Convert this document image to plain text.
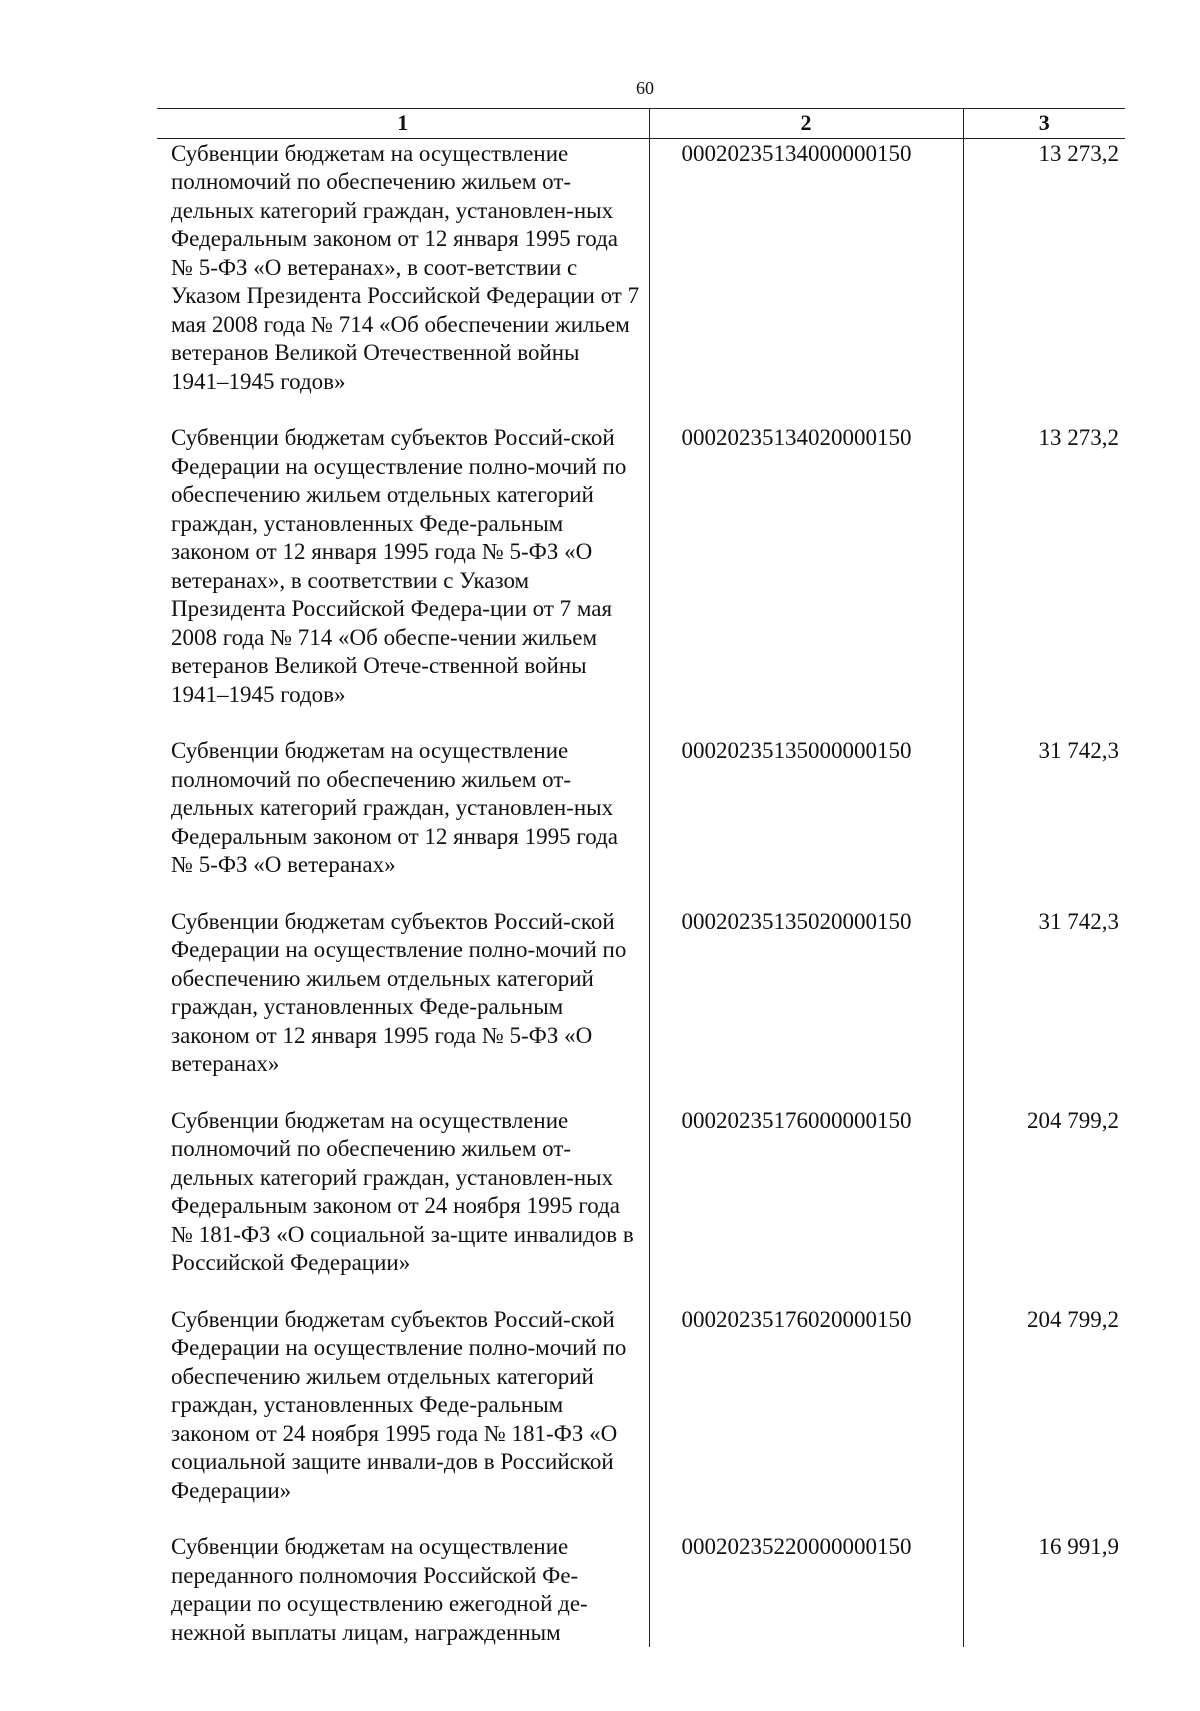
60
1	2	3
Субвенции бюджетам на осуществление полномочий по обеспечению жильем от-дельных категорий граждан, установлен-ных Федеральным законом от 12 января 1995 года № 5-ФЗ «О ветеранах», в соот-ветствии с Указом Президента Российской Федерации от 7 мая 2008 года № 714 «Об обеспечении жильем ветеранов Великой Отечественной войны 1941–1945 годов»	00020235134000000150	13 273,2
Субвенции бюджетам субъектов Россий-ской Федерации на осуществление полно-мочий по обеспечению жильем отдельных категорий граждан, установленных Феде-ральным законом от 12 января 1995 года № 5-ФЗ «О ветеранах», в соответствии с Указом Президента Российской Федера-ции от 7 мая 2008 года № 714 «Об обеспе-чении жильем ветеранов Великой Отече-ственной войны 1941–1945 годов»	00020235134020000150	13 273,2
Субвенции бюджетам на осуществление полномочий по обеспечению жильем от-дельных категорий граждан, установлен-ных Федеральным законом от 12 января 1995 года № 5-ФЗ «О ветеранах»	00020235135000000150	31 742,3
Субвенции бюджетам субъектов Россий-ской Федерации на осуществление полно-мочий по обеспечению жильем отдельных категорий граждан, установленных Феде-ральным законом от 12 января 1995 года № 5-ФЗ «О ветеранах»	00020235135020000150	31 742,3
Субвенции бюджетам на осуществление полномочий по обеспечению жильем от-дельных категорий граждан, установлен-ных Федеральным законом от 24 ноября 1995 года № 181-ФЗ «О социальной за-щите инвалидов в Российской Федерации»	00020235176000000150	204 799,2
Субвенции бюджетам субъектов Россий-ской Федерации на осуществление полно-мочий по обеспечению жильем отдельных категорий граждан, установленных Феде-ральным законом от 24 ноября 1995 года № 181-ФЗ «О социальной защите инвали-дов в Российской Федерации»	00020235176020000150	204 799,2
Субвенции бюджетам на осуществление переданного полномочия Российской Фе-дерации по осуществлению ежегодной де-нежной выплаты лицам, награжденным	00020235220000000150	16 991,9
